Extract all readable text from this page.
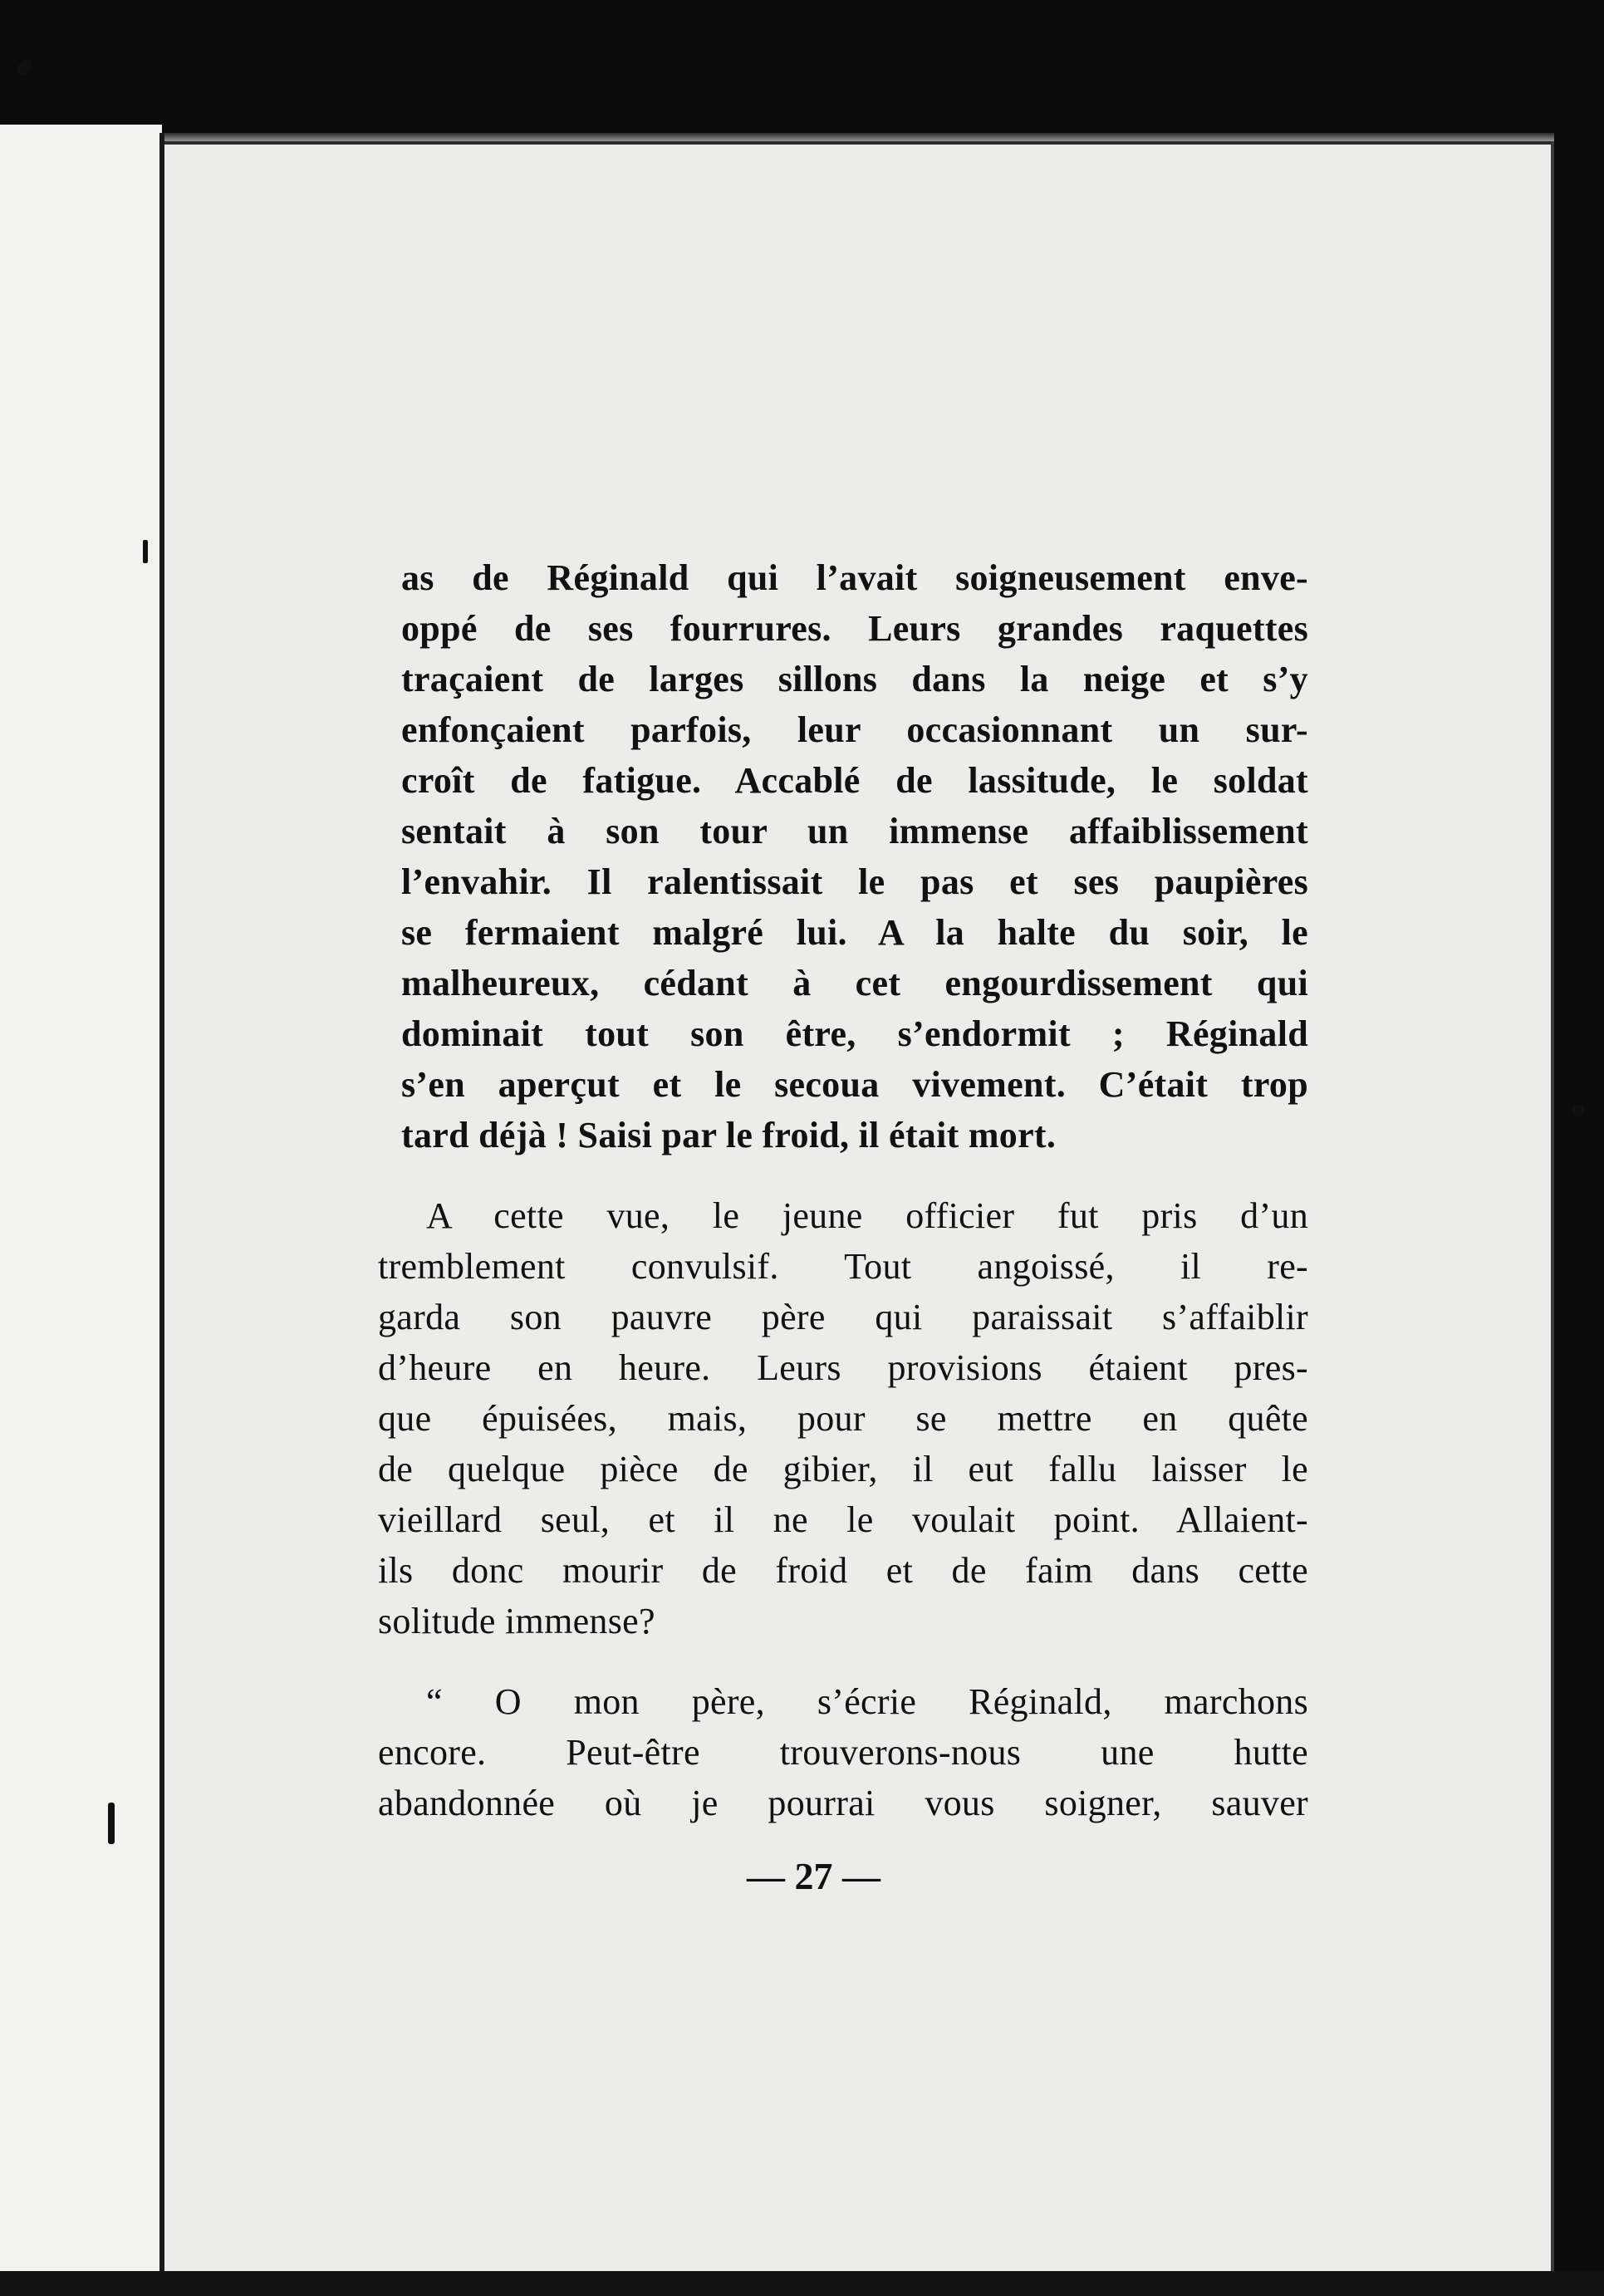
as de Réginald qui l’avait soigneusement enve-
oppé de ses fourrures. Leurs grandes raquettes
traçaient de larges sillons dans la neige et s’y
enfonçaient parfois, leur occasionnant un sur-
croît de fatigue. Accablé de lassitude, le soldat
sentait à son tour un immense affaiblissement
l’envahir. Il ralentissait le pas et ses paupières
se fermaient malgré lui. A la halte du soir, le
malheureux, cédant à cet engourdissement qui
dominait tout son être, s’endormit ; Réginald
s’en aperçut et le secoua vivement. C’était trop
tard déjà ! Saisi par le froid, il était mort.
A cette vue, le jeune officier fut pris d’un
tremblement convulsif. Tout angoissé, il re-
garda son pauvre père qui paraissait s’affaiblir
d’heure en heure. Leurs provisions étaient pres-
que épuisées, mais, pour se mettre en quête
de quelque pièce de gibier, il eut fallu laisser le
vieillard seul, et il ne le voulait point. Allaient-
ils donc mourir de froid et de faim dans cette
solitude immense?
“ O mon père, s’écrie Réginald, marchons
encore. Peut-être trouverons-nous une hutte
abandonnée où je pourrai vous soigner, sauver
— 27 —
